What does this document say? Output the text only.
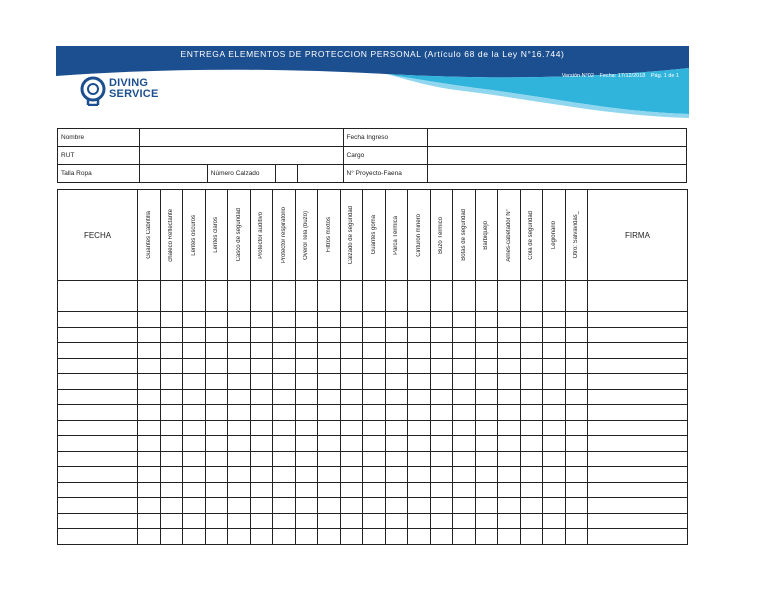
ENTREGA ELEMENTOS DE PROTECCION PERSONAL (Artículo 68 de la Ley N°16.744)
Versión N°02 Fecha: 17/12/2018 Pág. 1 de 1
DIVING
SERVICE
Nombre					Fecha Ingreso	
RUT					Cargo	
Talla Ropa		Número Calzado			N° Proyecto-Faena	
FECHA	Guantes Cabritilla	chaleco Reflectante	Lentes oscuros	Lentes claros	Casco de seguridad	Protector auditivo	Protector respiratorio	Overol Tela (buzo)	Filtros mixtos	Calzado de seguridad	Guantes goma	Parca Térmica	Cinturon minero	Buzo Térmico	Botas de seguridad	Barbiquejo	Arnes-cabetador N°	Cola de seguridad	Legionario	Otro: Salvavidas_	FIRMA
